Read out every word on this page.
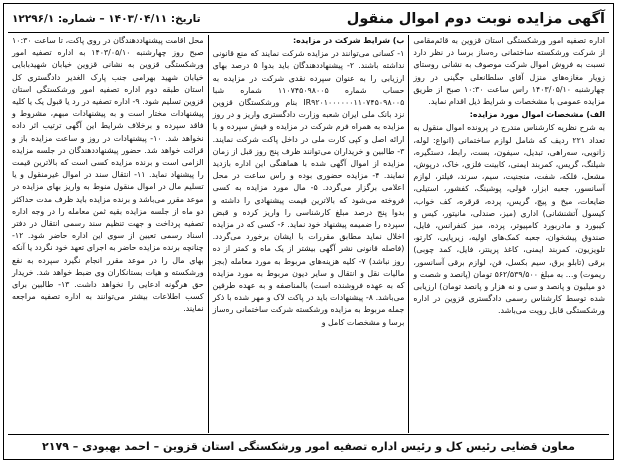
آگهی مزایده نوبت دوم اموال منقول
تاریخ: ۱۴۰۳/۰۴/۱۱ – شماره: ۱۲۲۹۶/۱

اداره تصفیه امور ورشکستگی استان قزوین به قائم‌مقامی از شرکت ورشکسته ساختمانی ره‌ساز برسا در نظر دارد نسبت به فروش اموال شرکت موصوف به نشانی روستای زویار مغازه‌های منزل آقای سلطانعلی جگینی در روز چهارشنبه ۱۴۰۳/۰۵/۱۰ راس ساعت ۱۰:۳۰ صبح از طریق مزایده عمومی با مشخصات و شرایط ذیل اقدام نماید.

الف) مشخصات اموال مورد مزایده:

به شرح نظریه کارشناس مندرج در پرونده اموال منقول به تعداد ۲۲۱ ردیف که شامل لوازم ساختمانی (انواع: لوله، زانویی، سه‌راهی، تبدیل، سیفون، بست، رابط، دستگیره، شیلنگ، گریس، کمربند ایمنی، کابینت فلزی، خاک، درپوش، مشعل، فلکه، شفت، منجنیت، سیم، سرند، فیلتر، لوازم آسانسور، جعبه ابزار، قولی، پوشینگ، کفشور، استیلی، ضایعات، میخ و پیچ، گریس، پرده، قرقره، کف خواب، کیسول آتشنشانی) اداری (میز، صندلی، مانیتور، کیس و کیبورد و مادربورد کامپیوتر، پرده، میز کنفرانس، فایل، صندوق پیشخوان، جعبه کمک‌های اولیه، زیرپایی، کارتو، تلویزیون، کمربند ایمنی، کاغذ پرینتر، فایل، کمد چوبی) برقی (تابلو برق، سیم بکسل، فن، لوازم برقی آسانسور، ریموت) و… به مبلغ ۵۶۲/۵۳۹/۵۰۰ تومان (پانصد و شصت و دو میلیون و پانصد و سی و نه هزار و پانصد تومان) ارزیابی شده توسط کارشناس رسمی دادگستری قزوین در اداره ورشکستگی قابل رویت می‌باشد.

ب) شرایط شرکت در مزایده:

۱- کسانی می‌توانند در مزایده شرکت نمایند که منع قانونی نداشته باشند. ۲- پیشنهاددهندگان باید بدوا ۵ درصد بهای ارزیابی را به عنوان سپرده نقدی شرکت در مزایده به حساب شماره ۱۱۰۷۴۵۰۹۸۰۰۵ شماره شبا IR۹۲۰۱۰۰۰۰۰۰۱۱۰۷۴۵۰۹۸۰۰۵ بنام ورشکستگان قزوین نزد بانک ملی ایران شعبه وزارت دادگستری واریز و در روز مزایده به همراه فرم شرکت در مزایده و فیش سپرده و با ارائه اصل و کپی کارت ملی در داخل پاکت شرکت نمایند. ۳- طالبین و خریداران می‌توانند ظرف پنج روز قبل از زمان مزایده از اموال آگهی شده با هماهنگی این اداره بازدید نمایند. ۴- مزایده حضوری بوده و راس ساعت در محل اعلامی برگزار می‌گردد. ۵- مال مورد مزایده به کسی فروخته می‌شود که بالاترین قیمت پیشنهادی را داشته و بدوا پنج درصد مبلغ کارشناسی را واریز کرده و قبض سپرده را ضمیمه پیشنهاد خود نماید. ۶- کسی که در مزایده اخلال نماید مطابق مقررات با ایشان برخورد می‌گردد. (فاصله قانونی نشر آگهی بیشتر از یک ماه و کمتر از ده روز نباشد) ۷- کلیه هزینه‌های مربوط به مورد معامله (بجز مالیات نقل و انتقال و سایر دیون مربوط به مورد مزایده که به عهده فروشنده است) بالمناصفه و به عهده طرفین می‌باشد. ۸- پیشنهادات باید در پاکت لاک و مهر شده با ذکر جمله مربوط به مزایده ورشکسته شرکت ساختمانی ره‌ساز برسا و مشخصات کامل و

محل اقامت پیشنهاددهندگان در روی پاکت، تا ساعت ۱۰:۳۰ صبح روز چهارشنبه ۱۴۰۳/۰۵/۱۰ به اداره تصفیه امور ورشکستگی قزوین به نشانی قزوین خیابان شهیدبابایی خیابان شهید بهرامی جنب پارک الغدیر دادگستری کل استان طبقه دوم اداره تصفیه امور ورشکستگی استان قزوین تسلیم شود. ۹- اداره تصفیه در رد یا قبول یک یا کلیه پیشنهادات مختار است و به پیشنهادات مبهم، مشروط و فاقد سپرده و برخلاف شرایط این آگهی ترتیب اثر داده نخواهد شد. ۱۰- پیشنهادات در روز و ساعت مزایده باز و قرائت خواهد شد. حضور پیشنهاددهندگان در جلسه مزایده الزامی است و برنده مزایده کسی است که بالاترین قیمت را پیشنهاد نماید. ۱۱- انتقال سند در اموال غیرمنقول و یا تسلیم مال در اموال منقول منوط به واریز بهای مزایده در موعد مقرر می‌باشد و برنده مزایده باید ظرف مدت حداکثر دو ماه از جلسه مزایده بقیه ثمن معامله را در وجه اداره تصفیه پرداخت و جهت تنظیم سند رسمی انتقال در دفتر اسناد رسمی تعیین از سوی این اداره حاضر شود. ۱۲- چنانچه برنده مزایده حاضر به اجرای تعهد خود نگردد یا آنکه بهای مال را در موعد مقرر انجام نگیرد سپرده به نفع ورشکسته و هیات بستانکاران وی ضبط خواهد شد. خریدار حق هرگونه ادعایی را نخواهد داشت. ۱۳- طالبین برای کسب اطلاعات بیشتر می‌توانند به اداره تصفیه مراجعه نمایند.

معاون قضایی رئیس کل و رئیس اداره تصفیه امور ورشکستگی استان قزوین – احمد بهبودی – ۲۱۷۹
